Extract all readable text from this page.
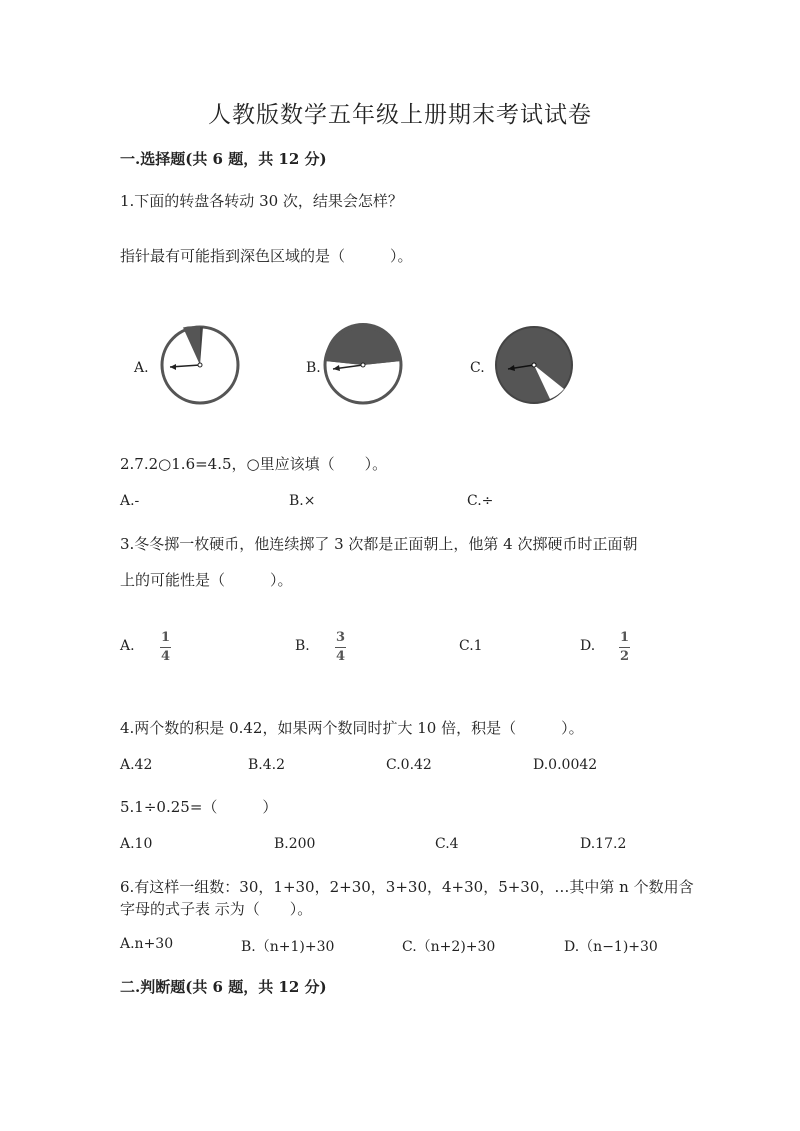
人教版数学五年级上册期末考试试卷
一.选择题(共 6 题，共 12 分)
1.下面的转盘各转动 30 次，结果会怎样？
指针最有可能指到深色区域的是（　　　）。
A.	B.	C.
2.7.2○1.6=4.5，○里应该填（　　）。
A.-	B.×	C.÷
3.冬冬掷一枚硬币，他连续掷了 3 次都是正面朝上，他第 4 次掷硬币时正面朝
上的可能性是（　　　）。
A.
1
4
B.
3
4
C.1	D.
1
2
4.两个数的积是 0.42，如果两个数同时扩大 10 倍，积是（　　　）。
A.42	B.4.2	C.0.42	D.0.0042
5.1÷0.25=（　　　）
A.10	B.200	C.4	D.17.2
6.有这样一组数：30，1+30，2+30，3+30，4+30，5+30，…其中第 n 个数用含
字母的式子表 示为（　　）。
A.n+30	B.（n+1)+30	C.（n+2)+30	D.（n−1)+30
二.判断题(共 6 题，共 12 分)
